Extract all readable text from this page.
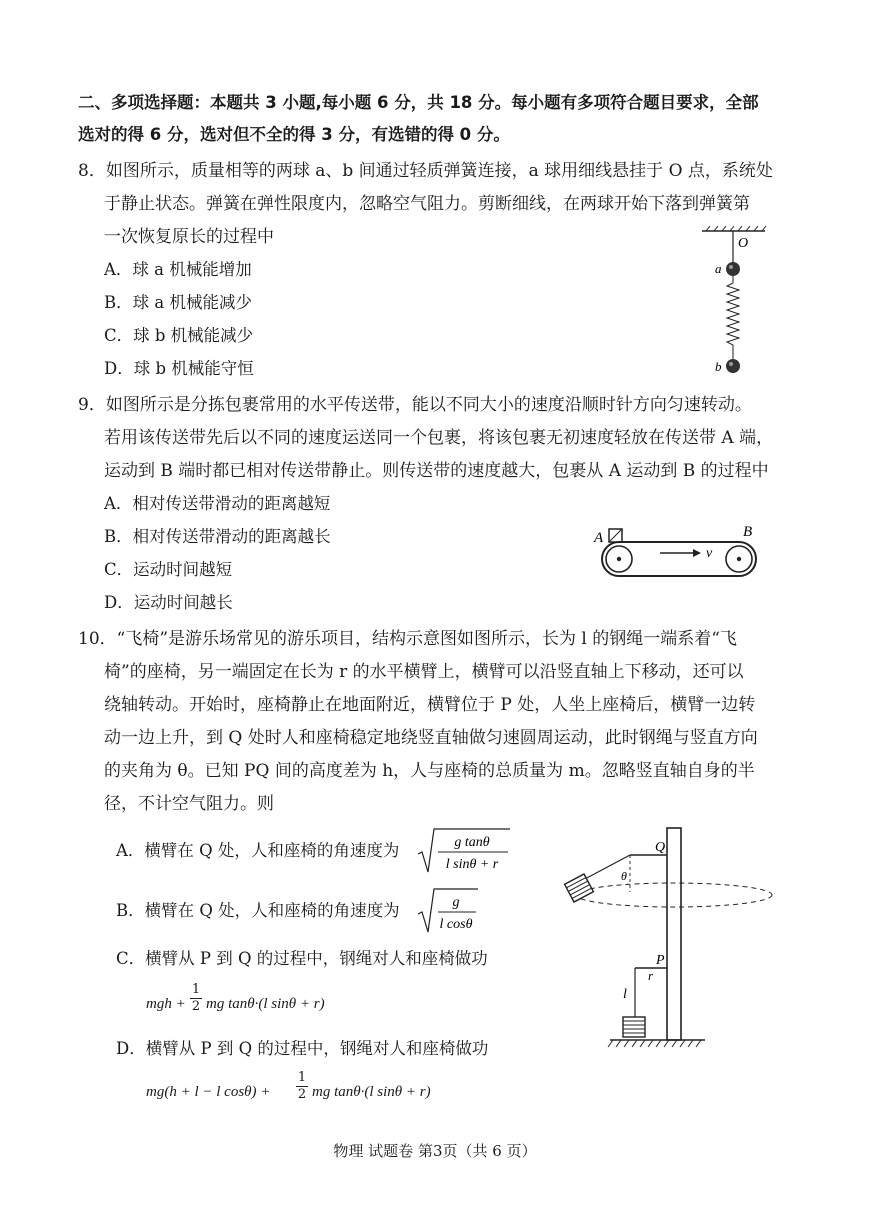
二、多项选择题：本题共 3 小题,每小题 6 分，共 18 分。每小题有多项符合题目要求，全部
选对的得 6 分，选对但不全的得 3 分，有选错的得 0 分。
8．如图所示，质量相等的两球 a、b 间通过轻质弹簧连接，a 球用细线悬挂于 O 点，系统处
于静止状态。弹簧在弹性限度内，忽略空气阻力。剪断细线，在两球开始下落到弹簧第
一次恢复原长的过程中
A．球 a 机械能增加
B．球 a 机械能减少
C．球 b 机械能减少
D．球 b 机械能守恒
O
a
b
9．如图所示是分拣包裹常用的水平传送带，能以不同大小的速度沿顺时针方向匀速转动。
若用该传送带先后以不同的速度运送同一个包裹，将该包裹无初速度轻放在传送带 A 端，
运动到 B 端时都已相对传送带静止。则传送带的速度越大，包裹从 A 运动到 B 的过程中
A．相对传送带滑动的距离越短
B．相对传送带滑动的距离越长
C．运动时间越短
D．运动时间越长
A	B
v
10．“飞椅”是游乐场常见的游乐项目，结构示意图如图所示，长为 l 的钢绳一端系着“飞
椅”的座椅，另一端固定在长为 r 的水平横臂上，横臂可以沿竖直轴上下移动，还可以
绕轴转动。开始时，座椅静止在地面附近，横臂位于 P 处，人坐上座椅后，横臂一边转
动一边上升，到 Q 处时人和座椅稳定地绕竖直轴做匀速圆周运动，此时钢绳与竖直方向
的夹角为 θ。已知 PQ 间的高度差为 h，人与座椅的总质量为 m。忽略竖直轴自身的半
径，不计空气阻力。则
A．横臂在 Q 处，人和座椅的角速度为	g tanθ
l sinθ + r
B．横臂在 Q 处，人和座椅的角速度为	g
l cosθ
C．横臂从 P 到 Q 的过程中，钢绳对人和座椅做功
mgh + $\frac{1}{2}$ mg tanθ·(l sinθ + r)
D．横臂从 P 到 Q 的过程中，钢绳对人和座椅做功
mg(h + l − l $\cos\theta) + \frac{1}{2}$ mg tanθ·(l sinθ + r)
Q
θ
P
r
l
物理 试题卷 第3页（共 6 页）
